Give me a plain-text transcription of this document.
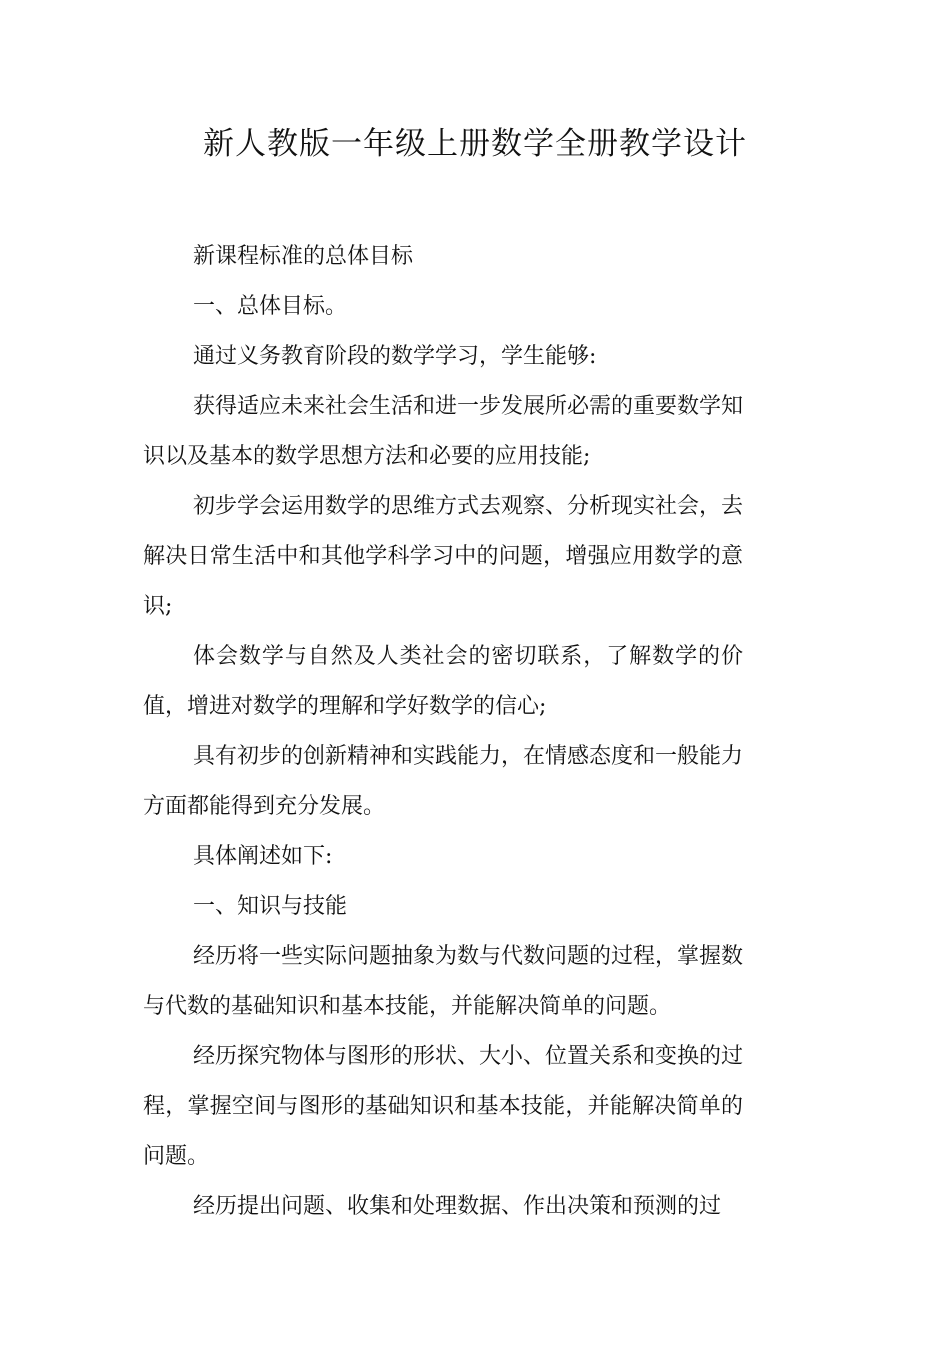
新人教版一年级上册数学全册教学设计

新课程标准的总体目标

一、总体目标。

通过义务教育阶段的数学学习，学生能够:

获得适应未来社会生活和进一步发展所必需的重要数学知识以及基本的数学思想方法和必要的应用技能;

初步学会运用数学的思维方式去观察、分析现实社会，去解决日常生活中和其他学科学习中的问题，增强应用数学的意识;

体会数学与自然及人类社会的密切联系，了解数学的价值，增进对数学的理解和学好数学的信心;

具有初步的创新精神和实践能力，在情感态度和一般能力方面都能得到充分发展。

具体阐述如下:

一、知识与技能

经历将一些实际问题抽象为数与代数问题的过程，掌握数与代数的基础知识和基本技能，并能解决简单的问题。

经历探究物体与图形的形状、大小、位置关系和变换的过程，掌握空间与图形的基础知识和基本技能，并能解决简单的问题。

经历提出问题、收集和处理数据、作出决策和预测的过
